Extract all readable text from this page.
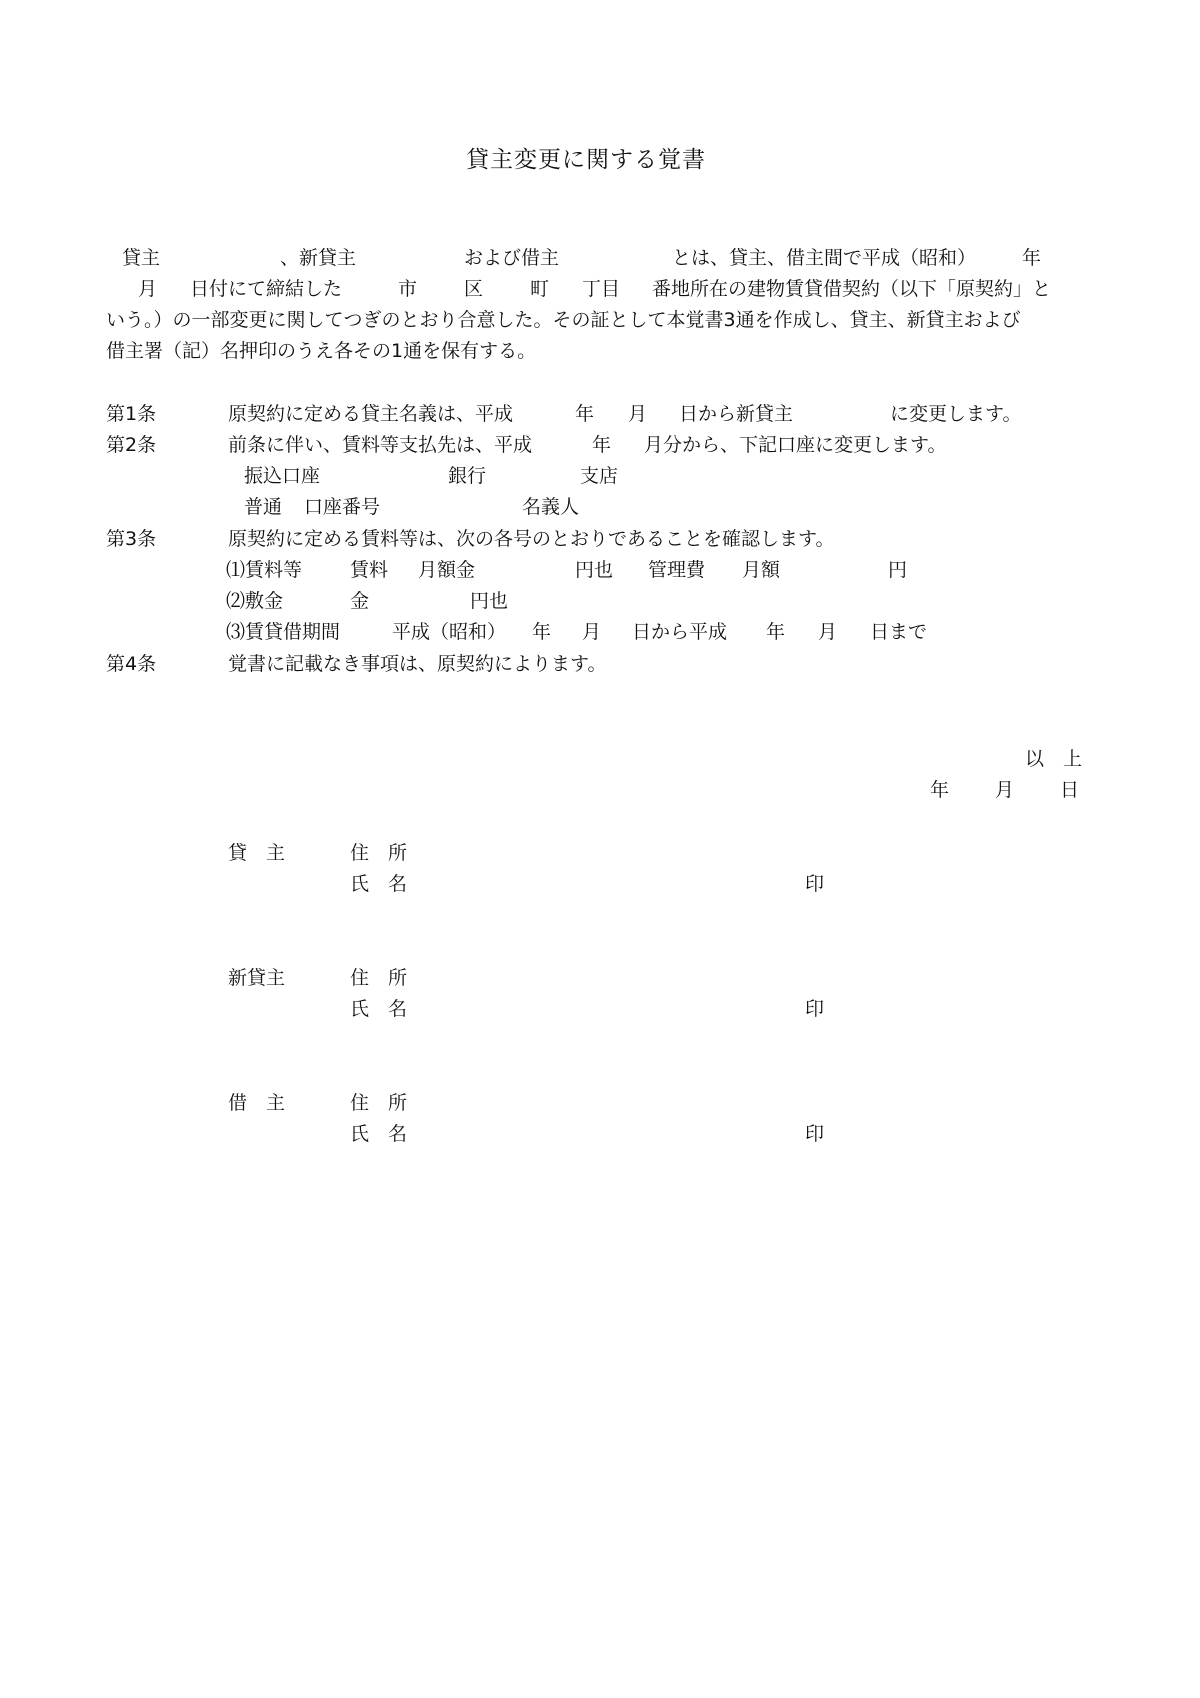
貸主変更に関する覚書
貸主	、新貸主	および借主	とは、貸主、借主間で平成（昭和） 年
月 日付にて締結した	市 区 町 丁目 番地所在の建物賃貸借契約（以下「原契約」と
いう。）の一部変更に関してつぎのとおり合意した。その証として本覚書3通を作成し、貸主、新貸主および
借主署（記）名押印のうえ各その1通を保有する。
第1条	原契約に定める貸主名義は、平成	年 月 日から新貸主	に変更します。
第2条	前条に伴い、賃料等支払先は、平成	年 月分から、下記口座に変更します。
振込口座	銀行	支店
普通 口座番号	名義人
第3条	原契約に定める賃料等は、次の各号のとおりであることを確認します。
⑴賃料等	賃料 月額金	円也 管理費 月額	円
⑵敷金	金	円也
⑶賃貸借期間	平成（昭和） 年 月 日から平成 年 月 日まで
第4条	覚書に記載なき事項は、原契約によります。
以　上
年 月 日
貸　主	住　所
氏　名	印
新貸主	住　所
氏　名	印
借　主	住　所
氏　名	印
